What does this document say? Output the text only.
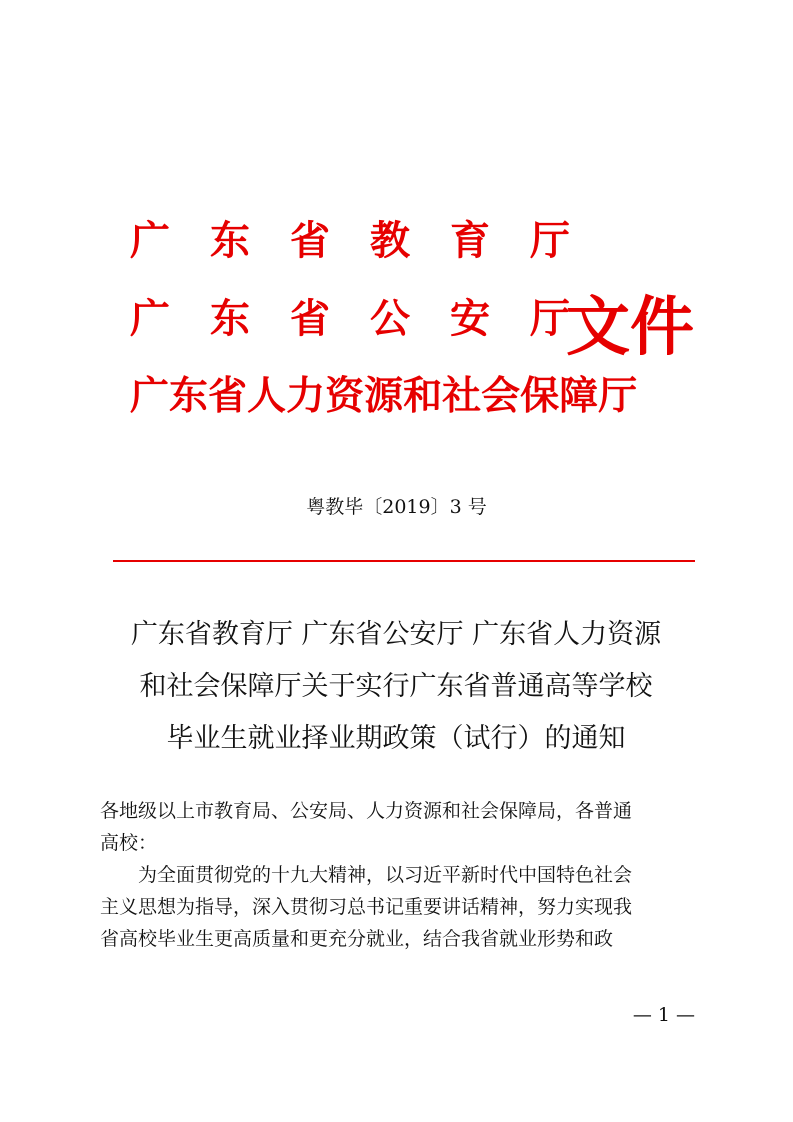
广 东 省 教 育 厅
广 东 省 公 安 厅
广 东 省 人 力 资 源 和 社 会 保 障 厅
文件
粤教毕〔2019〕3 号
广东省教育厅 广东省公安厅 广东省人力资源
和社会保障厅关于实行广东省普通高等学校
毕业生就业择业期政策（试行）的通知

各地级以上市教育局、公安局、人力资源和社会保障局，各普通
高校：

为全面贯彻党的十九大精神，以习近平新时代中国特色社会
主义思想为指导，深入贯彻习总书记重要讲话精神，努力实现我
省高校毕业生更高质量和更充分就业，结合我省就业形势和政

— 1 —
